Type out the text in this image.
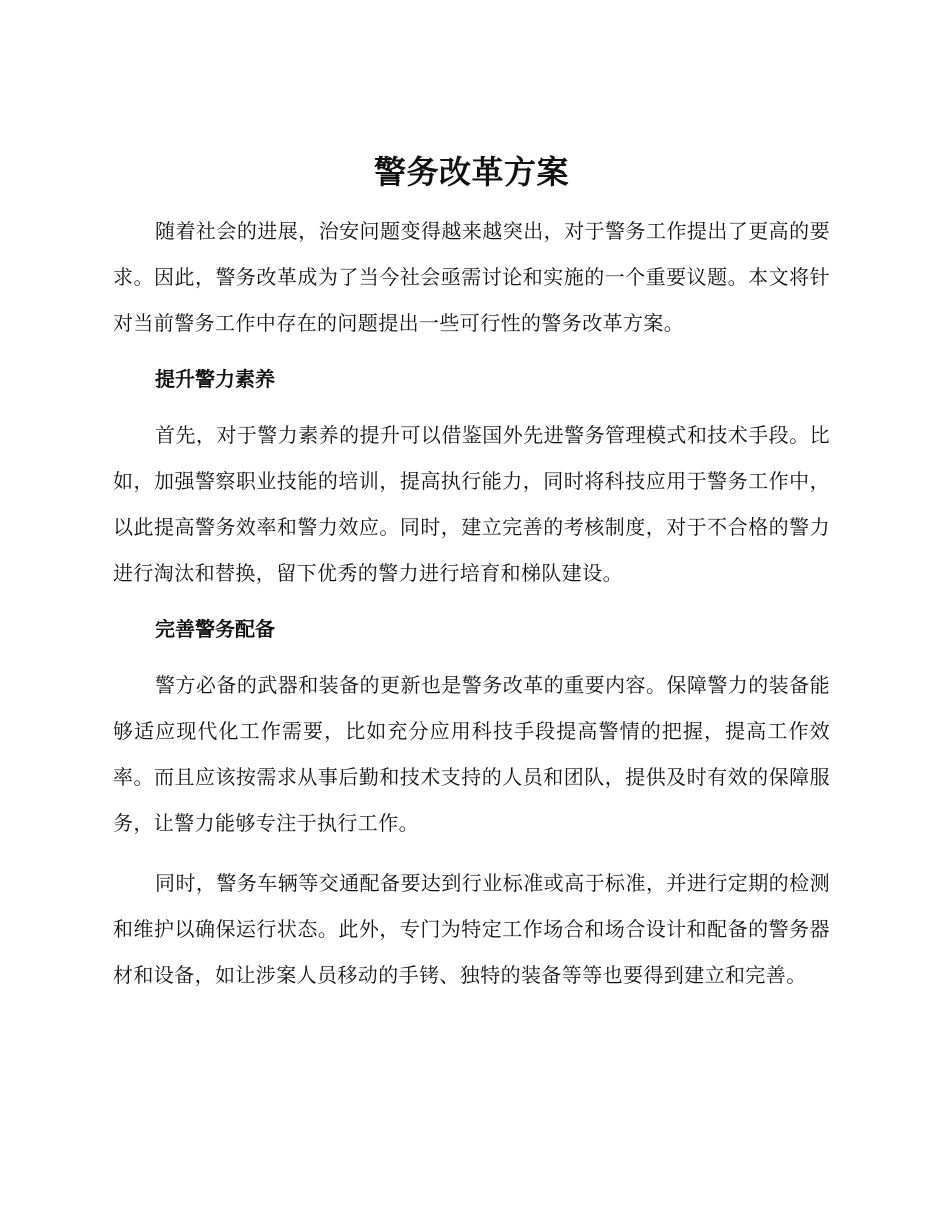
警务改革方案

随着社会的进展，治安问题变得越来越突出，对于警务工作提出了更高的要求。因此，警务改革成为了当今社会亟需讨论和实施的一个重要议题。本文将针对当前警务工作中存在的问题提出一些可行性的警务改革方案。

提升警力素养

首先，对于警力素养的提升可以借鉴国外先进警务管理模式和技术手段。比如，加强警察职业技能的培训，提高执行能力，同时将科技应用于警务工作中，以此提高警务效率和警力效应。同时，建立完善的考核制度，对于不合格的警力进行淘汰和替换，留下优秀的警力进行培育和梯队建设。

完善警务配备

警方必备的武器和装备的更新也是警务改革的重要内容。保障警力的装备能够适应现代化工作需要，比如充分应用科技手段提高警情的把握，提高工作效率。而且应该按需求从事后勤和技术支持的人员和团队，提供及时有效的保障服务，让警力能够专注于执行工作。

同时，警务车辆等交通配备要达到行业标准或高于标准，并进行定期的检测和维护以确保运行状态。此外，专门为特定工作场合和场合设计和配备的警务器材和设备，如让涉案人员移动的手铐、独特的装备等等也要得到建立和完善。
